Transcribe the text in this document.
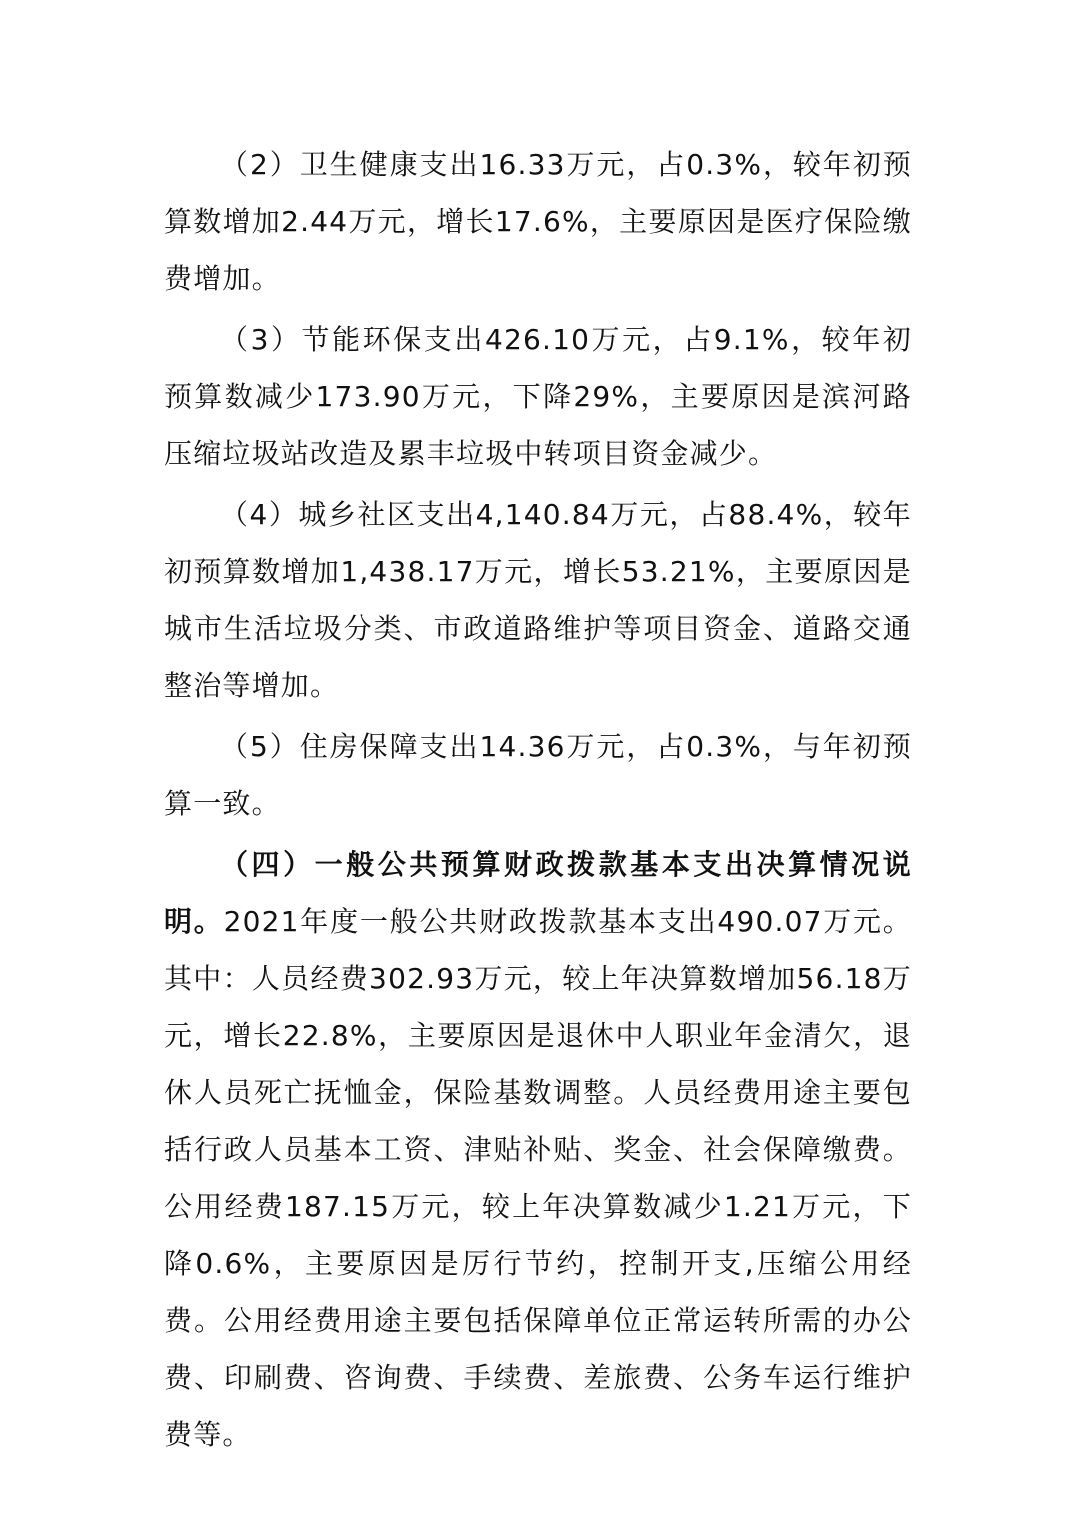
（2）卫生健康支出16.33万元，占0.3%，较年初预算数增加2.44万元，增长17.6%，主要原因是医疗保险缴费增加。

（3）节能环保支出426.10万元，占9.1%，较年初预算数减少173.90万元，下降29%，主要原因是滨河路压缩垃圾站改造及累丰垃圾中转项目资金减少。

（4）城乡社区支出4,140.84万元，占88.4%，较年初预算数增加1,438.17万元，增长53.21%，主要原因是城市生活垃圾分类、市政道路维护等项目资金、道路交通整治等增加。

（5）住房保障支出14.36万元，占0.3%，与年初预算一致。

（四）一般公共预算财政拨款基本支出决算情况说明。2021年度一般公共财政拨款基本支出490.07万元。其中：人员经费302.93万元，较上年决算数增加56.18万元，增长22.8%，主要原因是退休中人职业年金清欠，退休人员死亡抚恤金，保险基数调整。人员经费用途主要包括行政人员基本工资、津贴补贴、奖金、社会保障缴费。公用经费187.15万元，较上年决算数减少1.21万元，下降0.6%，主要原因是厉行节约，控制开支,压缩公用经费。公用经费用途主要包括保障单位正常运转所需的办公费、印刷费、咨询费、手续费、差旅费、公务车运行维护费等。
